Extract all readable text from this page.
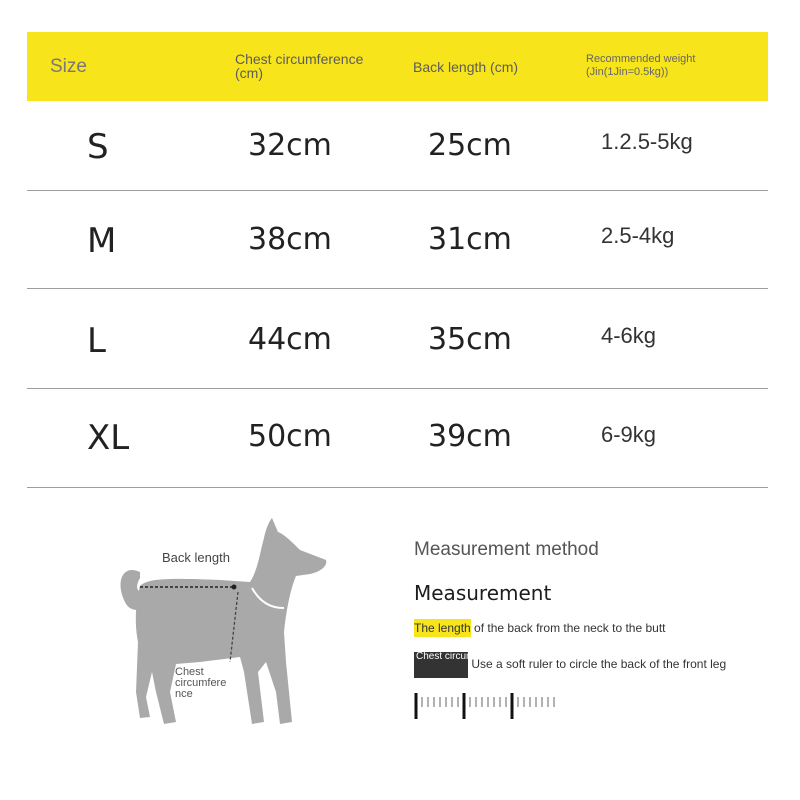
Size	Chest circumference (cm)	Back length (cm)	Recommended weight
(Jin(1Jin=0.5kg))
S	32cm	25cm	1.2.5-5kg
M	38cm	31cm	2.5-4kg
L	44cm	35cm	4-6kg
XL	50cm	39cm	6-9kg
Back length
Chest circumfere nce
Measurement method
Measurement
The length of the back from the neck to the butt
Chest circumfe rence Use a soft ruler to circle the back of the front leg
